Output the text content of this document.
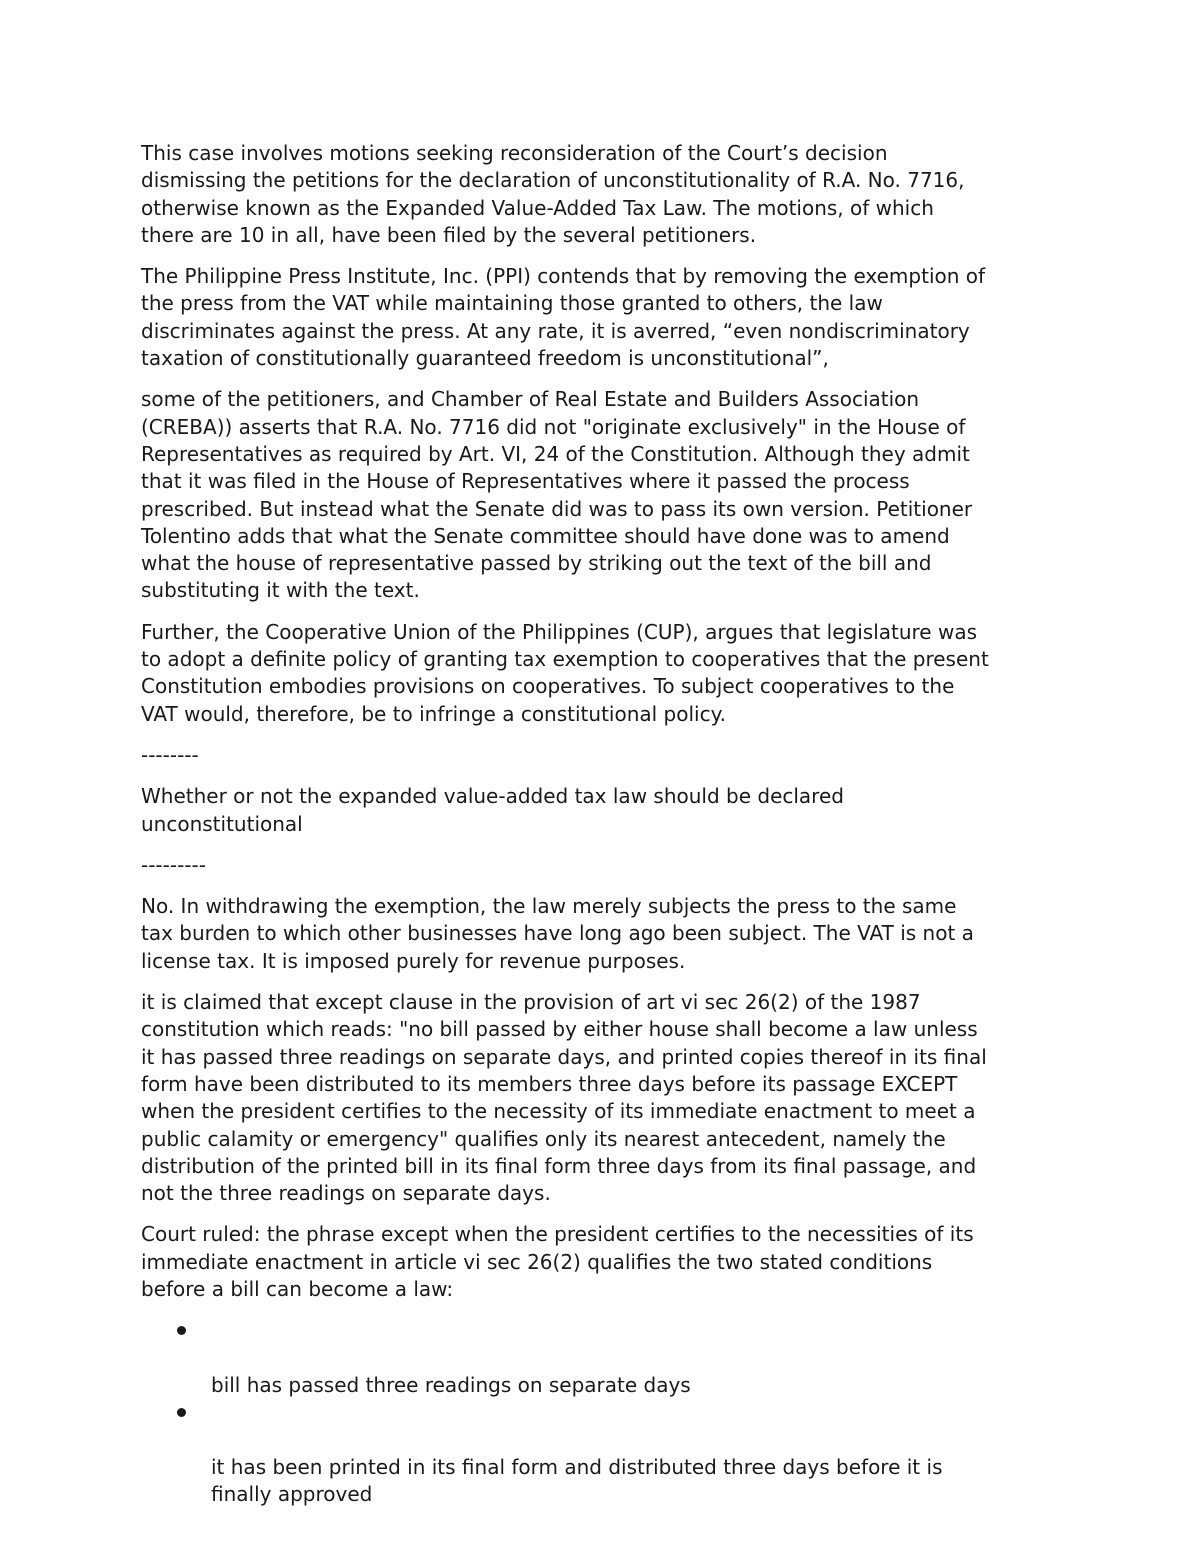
This case involves motions seeking reconsideration of the Court’s decision
dismissing the petitions for the declaration of unconstitutionality of R.A. No. 7716,
otherwise known as the Expanded Value-Added Tax Law. The motions, of which
there are 10 in all, have been filed by the several petitioners.

The Philippine Press Institute, Inc. (PPI) contends that by removing the exemption of
the press from the VAT while maintaining those granted to others, the law
discriminates against the press. At any rate, it is averred, “even nondiscriminatory
taxation of constitutionally guaranteed freedom is unconstitutional”,

some of the petitioners, and Chamber of Real Estate and Builders Association
(CREBA)) asserts that R.A. No. 7716 did not "originate exclusively" in the House of
Representatives as required by Art. VI, 24 of the Constitution. Although they admit
that it was filed in the House of Representatives where it passed the process
prescribed. But instead what the Senate did was to pass its own version. Petitioner
Tolentino adds that what the Senate committee should have done was to amend
what the house of representative passed by striking out the text of the bill and
substituting it with the text.

Further, the Cooperative Union of the Philippines (CUP), argues that legislature was
to adopt a definite policy of granting tax exemption to cooperatives that the present
Constitution embodies provisions on cooperatives. To subject cooperatives to the
VAT would, therefore, be to infringe a constitutional policy.

--------

Whether or not the expanded value-added tax law should be declared
unconstitutional

---------

No. In withdrawing the exemption, the law merely subjects the press to the same
tax burden to which other businesses have long ago been subject. The VAT is not a
license tax. It is imposed purely for revenue purposes.

it is claimed that except clause in the provision of art vi sec 26(2) of the 1987
constitution which reads: "no bill passed by either house shall become a law unless
it has passed three readings on separate days, and printed copies thereof in its final
form have been distributed to its members three days before its passage EXCEPT
when the president certifies to the necessity of its immediate enactment to meet a
public calamity or emergency" qualifies only its nearest antecedent, namely the
distribution of the printed bill in its final form three days from its final passage, and
not the three readings on separate days.

Court ruled: the phrase except when the president certifies to the necessities of its
immediate enactment in article vi sec 26(2) qualifies the two stated conditions
before a bill can become a law:

bill has passed three readings on separate days

it has been printed in its final form and distributed three days before it is
finally approved
